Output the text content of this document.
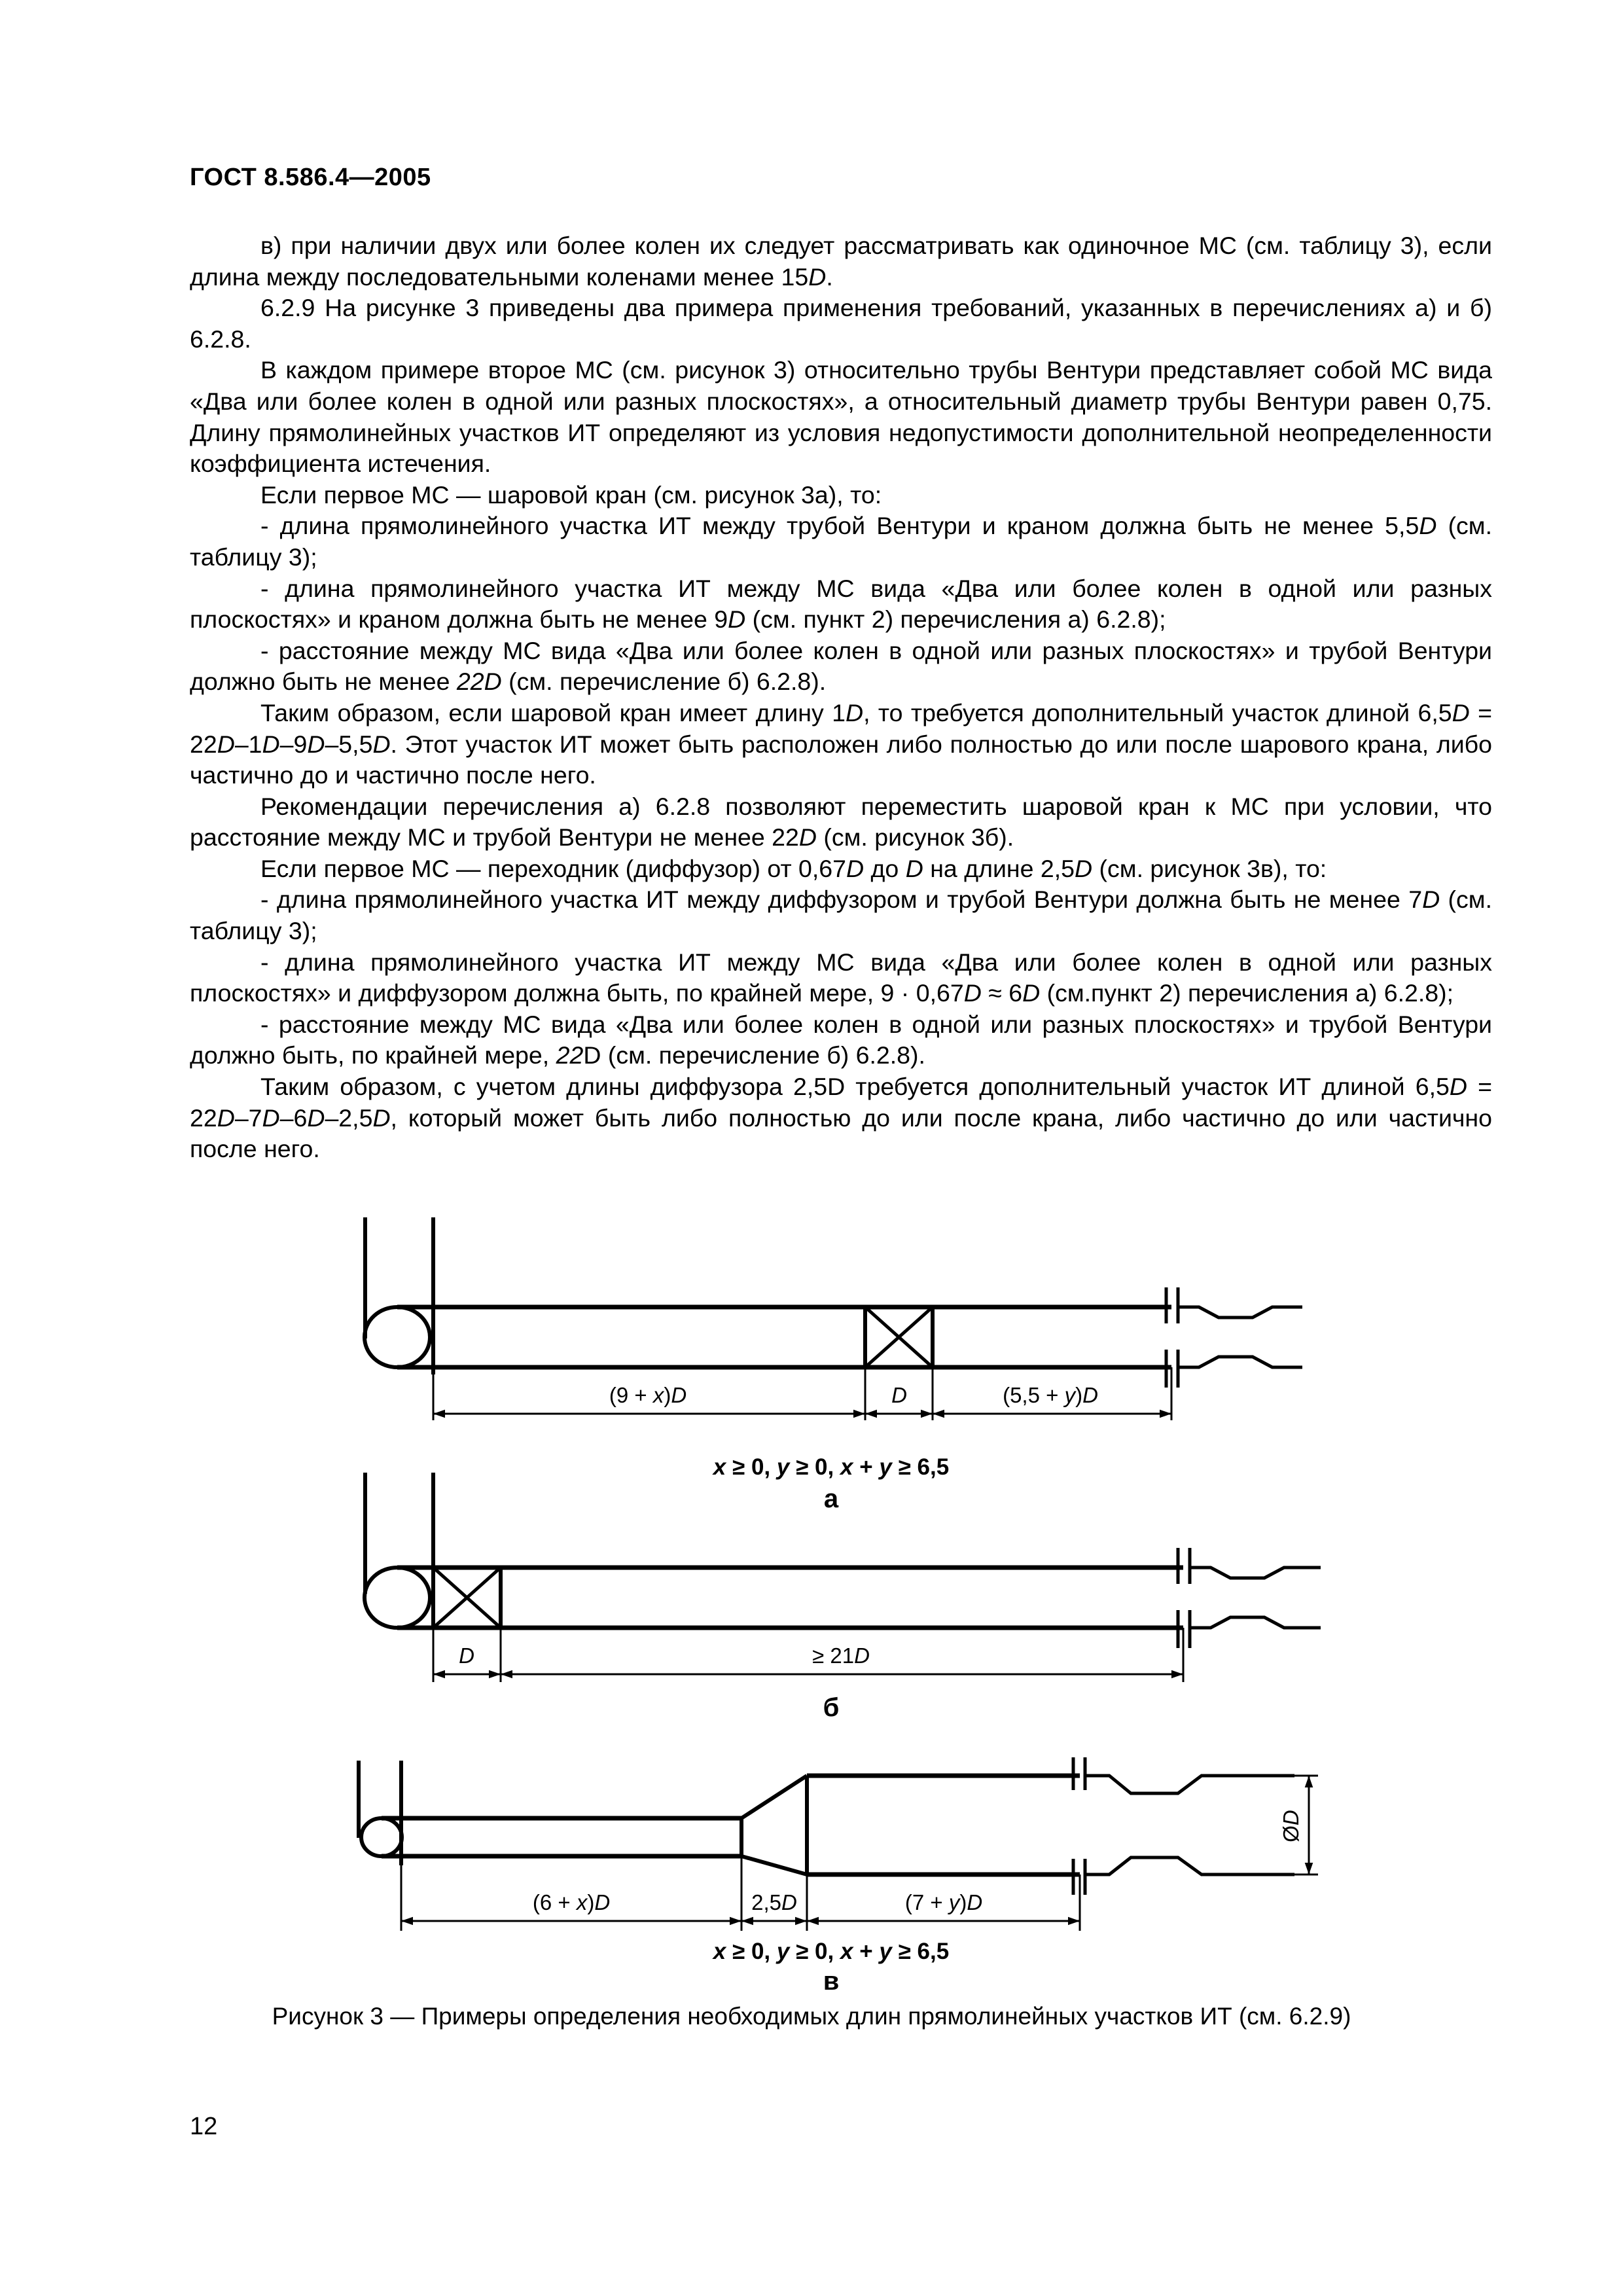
ГОСТ 8.586.4—2005

в) при наличии двух или более колен их следует рассматривать как одиночное МС (см. таблицу 3), если длина между последовательными коленами менее 15D.

6.2.9 На рисунке 3 приведены два примера применения требований, указанных в перечислениях а) и б) 6.2.8.

В каждом примере второе МС (см. рисунок 3) относительно трубы Вентури представляет собой МС вида «Два или более колен в одной или разных плоскостях», а относительный диаметр трубы Вентури равен 0,75. Длину прямолинейных участков ИТ определяют из условия недопустимости дополнительной неопределенности коэффициента истечения.

Если первое МС — шаровой кран (см. рисунок 3а), то:

- длина прямолинейного участка ИТ между трубой Вентури и краном должна быть не менее 5,5D (см. таблицу 3);

- длина прямолинейного участка ИТ между МС вида «Два или более колен в одной или разных плоскостях» и краном должна быть не менее 9D (см. пункт 2) перечисления а) 6.2.8);

- расстояние между МС вида «Два или более колен в одной или разных плоскостях» и трубой Вентури должно быть не менее 22D (см. перечисление б) 6.2.8).

Таким образом, если шаровой кран имеет длину 1D, то требуется дополнительный участок длиной 6,5D = 22D–1D–9D–5,5D. Этот участок ИТ может быть расположен либо полностью до или после шарового крана, либо частично до и частично после него.

Рекомендации перечисления а) 6.2.8 позволяют переместить шаровой кран к МС при условии, что расстояние между МС и трубой Вентури не менее 22D (см. рисунок 3б).

Если первое МС — переходник (диффузор) от 0,67D до D на длине 2,5D (см. рисунок 3в), то:

- длина прямолинейного участка ИТ между диффузором и трубой Вентури должна быть не менее 7D (см. таблицу 3);

- длина прямолинейного участка ИТ между МС вида «Два или более колен в одной или разных плоскостях» и диффузором должна быть, по крайней мере, 9 · 0,67D ≈ 6D (см.пункт 2) перечисления а) 6.2.8);

- расстояние между МС вида «Два или более колен в одной или разных плоскостях» и трубой Вентури должно быть, по крайней мере, 22D (см. перечисление б) 6.2.8).

Таким образом, с учетом длины диффузора 2,5D требуется дополнительный участок ИТ длиной 6,5D = 22D–7D–6D–2,5D, который может быть либо полностью до или после крана, либо частично до или частично после него.

(9 + x)D	D	(5,5 + y)D
x ≥ 0, y ≥ 0, x + y ≥ 6,5
а
D	≥ 21D
б
(6 + x)D	2,5D	(7 + y)D
ØD
x ≥ 0, y ≥ 0, x + y ≥ 6,5
в
Рисунок 3 — Примеры определения необходимых длин прямолинейных участков ИТ (см. 6.2.9)
12
